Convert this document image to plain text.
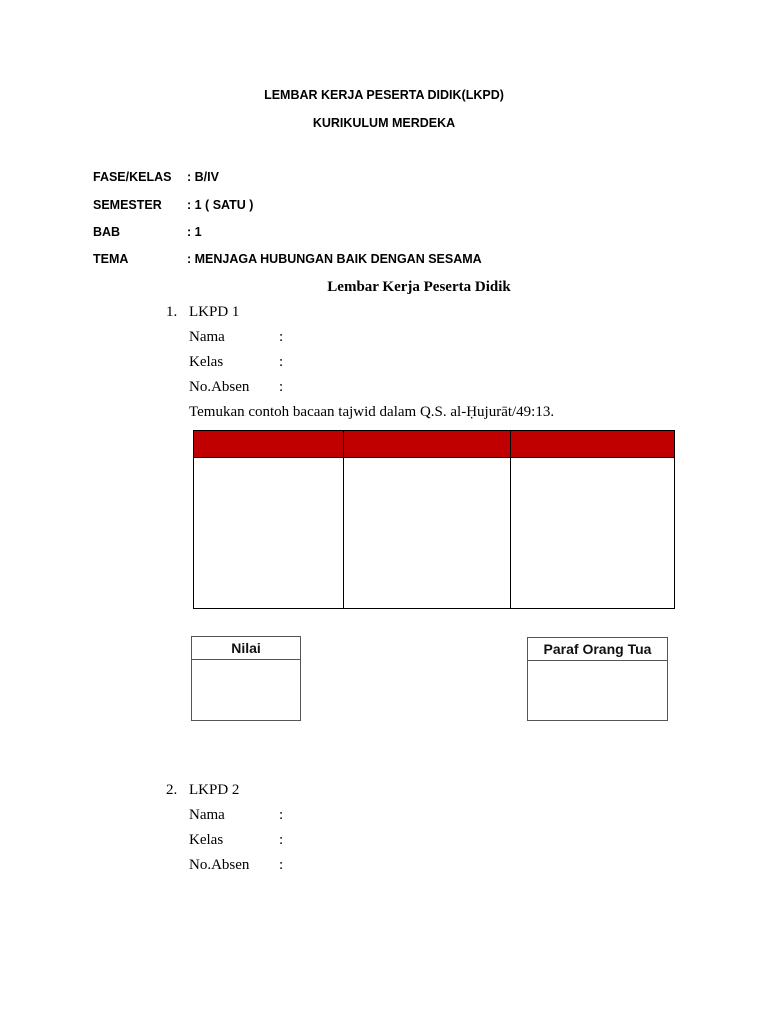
LEMBAR KERJA PESERTA DIDIK(LKPD)
KURIKULUM MERDEKA
FASE/KELAS : B/IV
SEMESTER : 1 ( SATU )
BAB	: 1
TEMA	: MENJAGA HUBUNGAN BAIK DENGAN SESAMA
Lembar Kerja Peserta Didik
1. LKPD 1
Nama	:
Kelas	:
No.Absen :
Temukan contoh bacaan tajwid dalam Q.S. al-Ḥujurāt/49:13.
Nilai	Paraf Orang Tua
2. LKPD 2
Nama	:
Kelas	:
No.Absen :
